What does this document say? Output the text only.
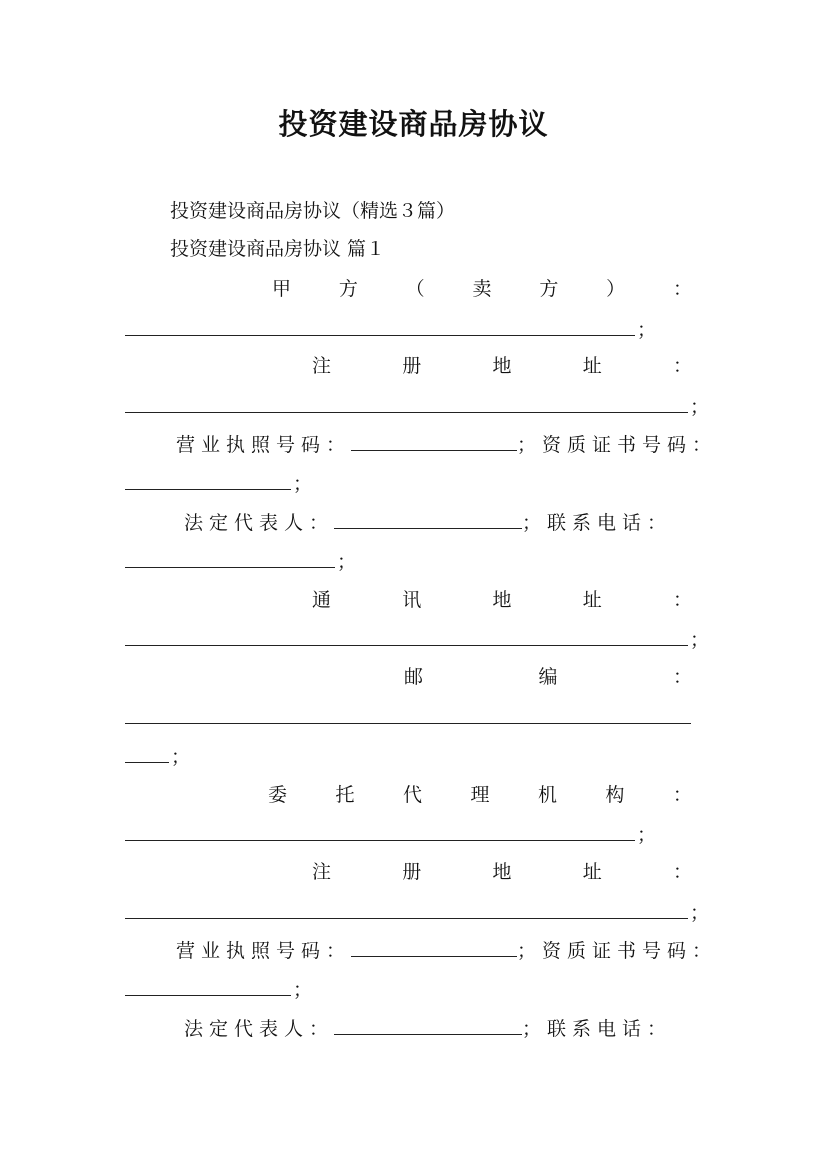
投资建设商品房协议
投资建设商品房协议（精选３篇）
投资建设商品房协议 篇１
甲	方	（	卖	方	）	：
；
注	册	地	址	：
；
营业执照号码：	；资质证书号码：
；
法定代表人：	；联系电话：
；
通	讯	地	址	：
；
邮	编	：
；
委	托	代	理	机	构	：
；
注	册	地	址	：
；
营业执照号码：	；资质证书号码：
；
法定代表人：	；联系电话：
